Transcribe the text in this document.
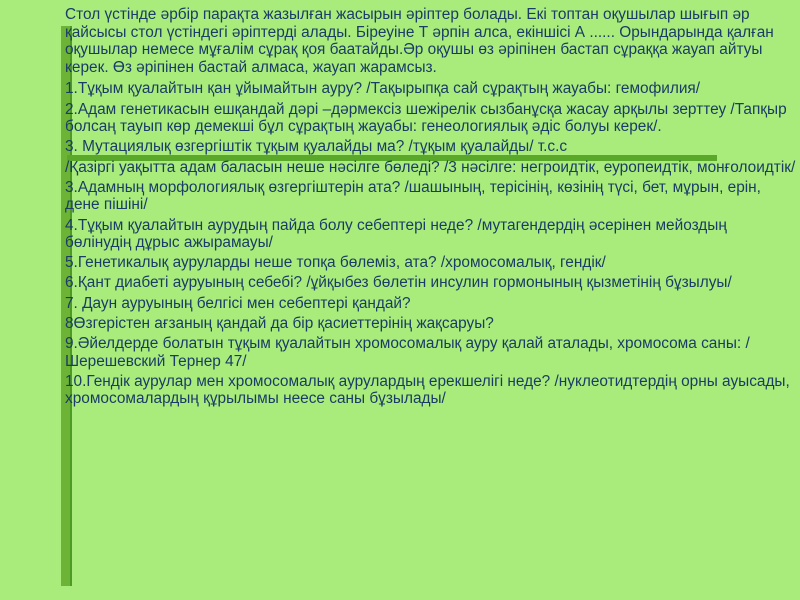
Стол үстінде әрбір парақта жазылған жасырын әріптер болады. Екі топтан оқушылар шығып әр қайсысы стол үстіндегі әріптерді алады. Біреуіне Т әрпін алса, екіншісі А ...... Орындарында қалған оқушылар немесе мұғалім сұрақ қоя баатайды.Әр оқушы өз әріпінен бастап сұраққа жауап айтуы керек. Өз әріпінен бастай алмаса, жауап жарамсыз.

1.Тұқым қуалайтын қан ұйымайтын ауру? /Тақырыпқа сай сұрақтың жауабы: гемофилия/

2.Адам генетикасын ешқандай дәрі –дәрмексіз шежірелік сызбанұсқа жасау арқылы зерттеу /Тапқыр болсаң тауып көр демекші бұл сұрақтың жауабы: генеологиялық әдіс болуы керек/.

3. Мутациялық өзгергіштік тұқым қуалайды ма? /тұқым қуалайды/ т.с.с

/Қазіргі уақытта адам баласын неше нәсілге бөледі? /3 нәсілге: негроидтік, еуропеидтік, монғолоидтік/

3.Адамның морфологиялық өзгергіштерін ата? /шашының, терісінің, көзінің түсі, бет, мұрын, ерін, дене пішіні/

4.Тұқым қуалайтын аурудың пайда болу себептері неде? /мутагендердің әсерінен мейоздың бөлінудің дұрыс ажырамауы/

5.Генетикалық ауруларды неше топқа бөлеміз, ата? /хромосомалық, гендік/

6.Қант диабеті ауруының себебі? /ұйқыбез бөлетін инсулин гормонының қызметінің бұзылуы/

7. Даун ауруының белгісі мен себептері қандай?

8Өзгерістен ағзаның қандай да бір қасиеттерінің жақсаруы?

9.Әйелдерде болатын тұқым қуалайтын хромосомалық ауру қалай аталады, хромосома саны: / Шерешевский Тернер 47/

10.Гендік аурулар мен хромосомалық аурулардың ерекшелігі неде? /нуклеотидтердің орны ауысады, хромосомалардың құрылымы неесе саны бұзылады/
